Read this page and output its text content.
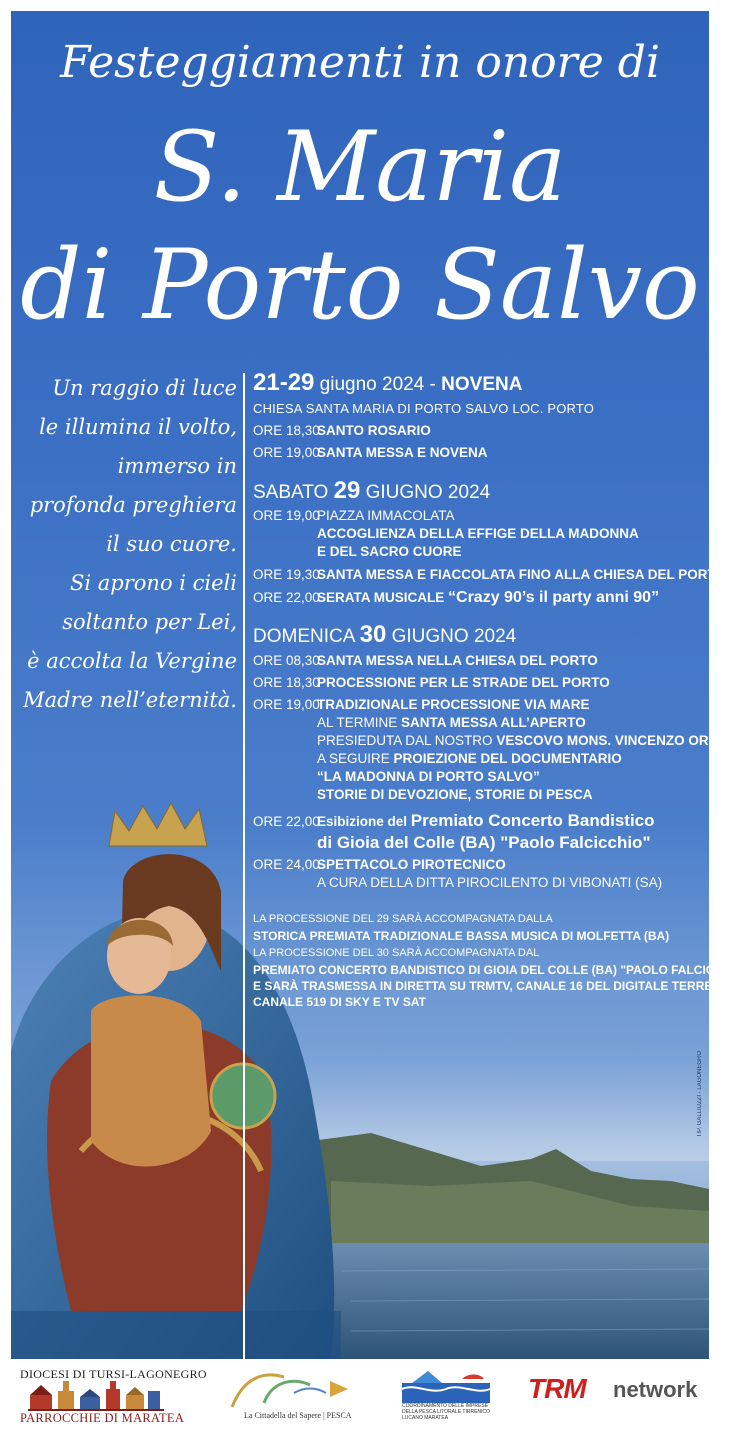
Festeggiamenti in onore di
S. Maria
di Porto Salvo
Un raggio di luce
le illumina il volto,
immerso in
profonda preghiera
il suo cuore.
Si aprono i cieli
soltanto per Lei,
è accolta la Vergine
Madre nell’eternità.
21-29 giugno 2024 - NOVENA
CHIESA SANTA MARIA DI PORTO SALVO LOC. PORTO
ORE 18,30SANTO ROSARIO
ORE 19,00SANTA MESSA E NOVENA
SABATO 29 GIUGNO 2024
ORE 19,00PIAZZA IMMACOLATA
ACCOGLIENZA DELLA EFFIGE DELLA MADONNA
E DEL SACRO CUORE
ORE 19,30SANTA MESSA E FIACCOLATA FINO ALLA CHIESA DEL PORTO
ORE 22,00SERATA MUSICALE “Crazy 90’s il party anni 90”
DOMENICA 30 GIUGNO 2024
ORE 08,30SANTA MESSA NELLA CHIESA DEL PORTO
ORE 18,30PROCESSIONE PER LE STRADE DEL PORTO
ORE 19,00TRADIZIONALE PROCESSIONE VIA MARE
AL TERMINE SANTA MESSA ALL’APERTO
PRESIEDUTA DAL NOSTRO VESCOVO MONS. VINCENZO OROFINO
A SEGUIRE PROIEZIONE DEL DOCUMENTARIO
“LA MADONNA DI PORTO SALVO”
STORIE DI DEVOZIONE, STORIE DI PESCA
ORE 22,00Esibizione del Premiato Concerto Bandistico
di Gioia del Colle (BA) "Paolo Falcicchio"
ORE 24,00SPETTACOLO PIROTECNICO
A CURA DELLA DITTA PIROCILENTO DI VIBONATI (SA)
LA PROCESSIONE DEL 29 SARÀ ACCOMPAGNATA DALLA
STORICA PREMIATA TRADIZIONALE BASSA MUSICA DI MOLFETTA (BA)
LA PROCESSIONE DEL 30 SARÀ ACCOMPAGNATA DAL
PREMIATO CONCERTO BANDISTICO DI GIOIA DEL COLLE (BA) "PAOLO FALCICCHIO"
E SARÀ TRASMESSA IN DIRETTA SU TRMTV, CANALE 16 DEL DIGITALE TERRESTRE,
CANALE 519 DI SKY E TV SAT
TIP. GALLIUZZI - LAGONEGRO
DIOCESI DI TURSI-LAGONEGRO
PARROCCHIE DI MARATEA	La Cittadella del Sapere | PESCA
COORDINAMENTO DELLE IMPRESE DELLA PESCA LITORALE TIRRENICO LUCANO MARATEA
TRM network
